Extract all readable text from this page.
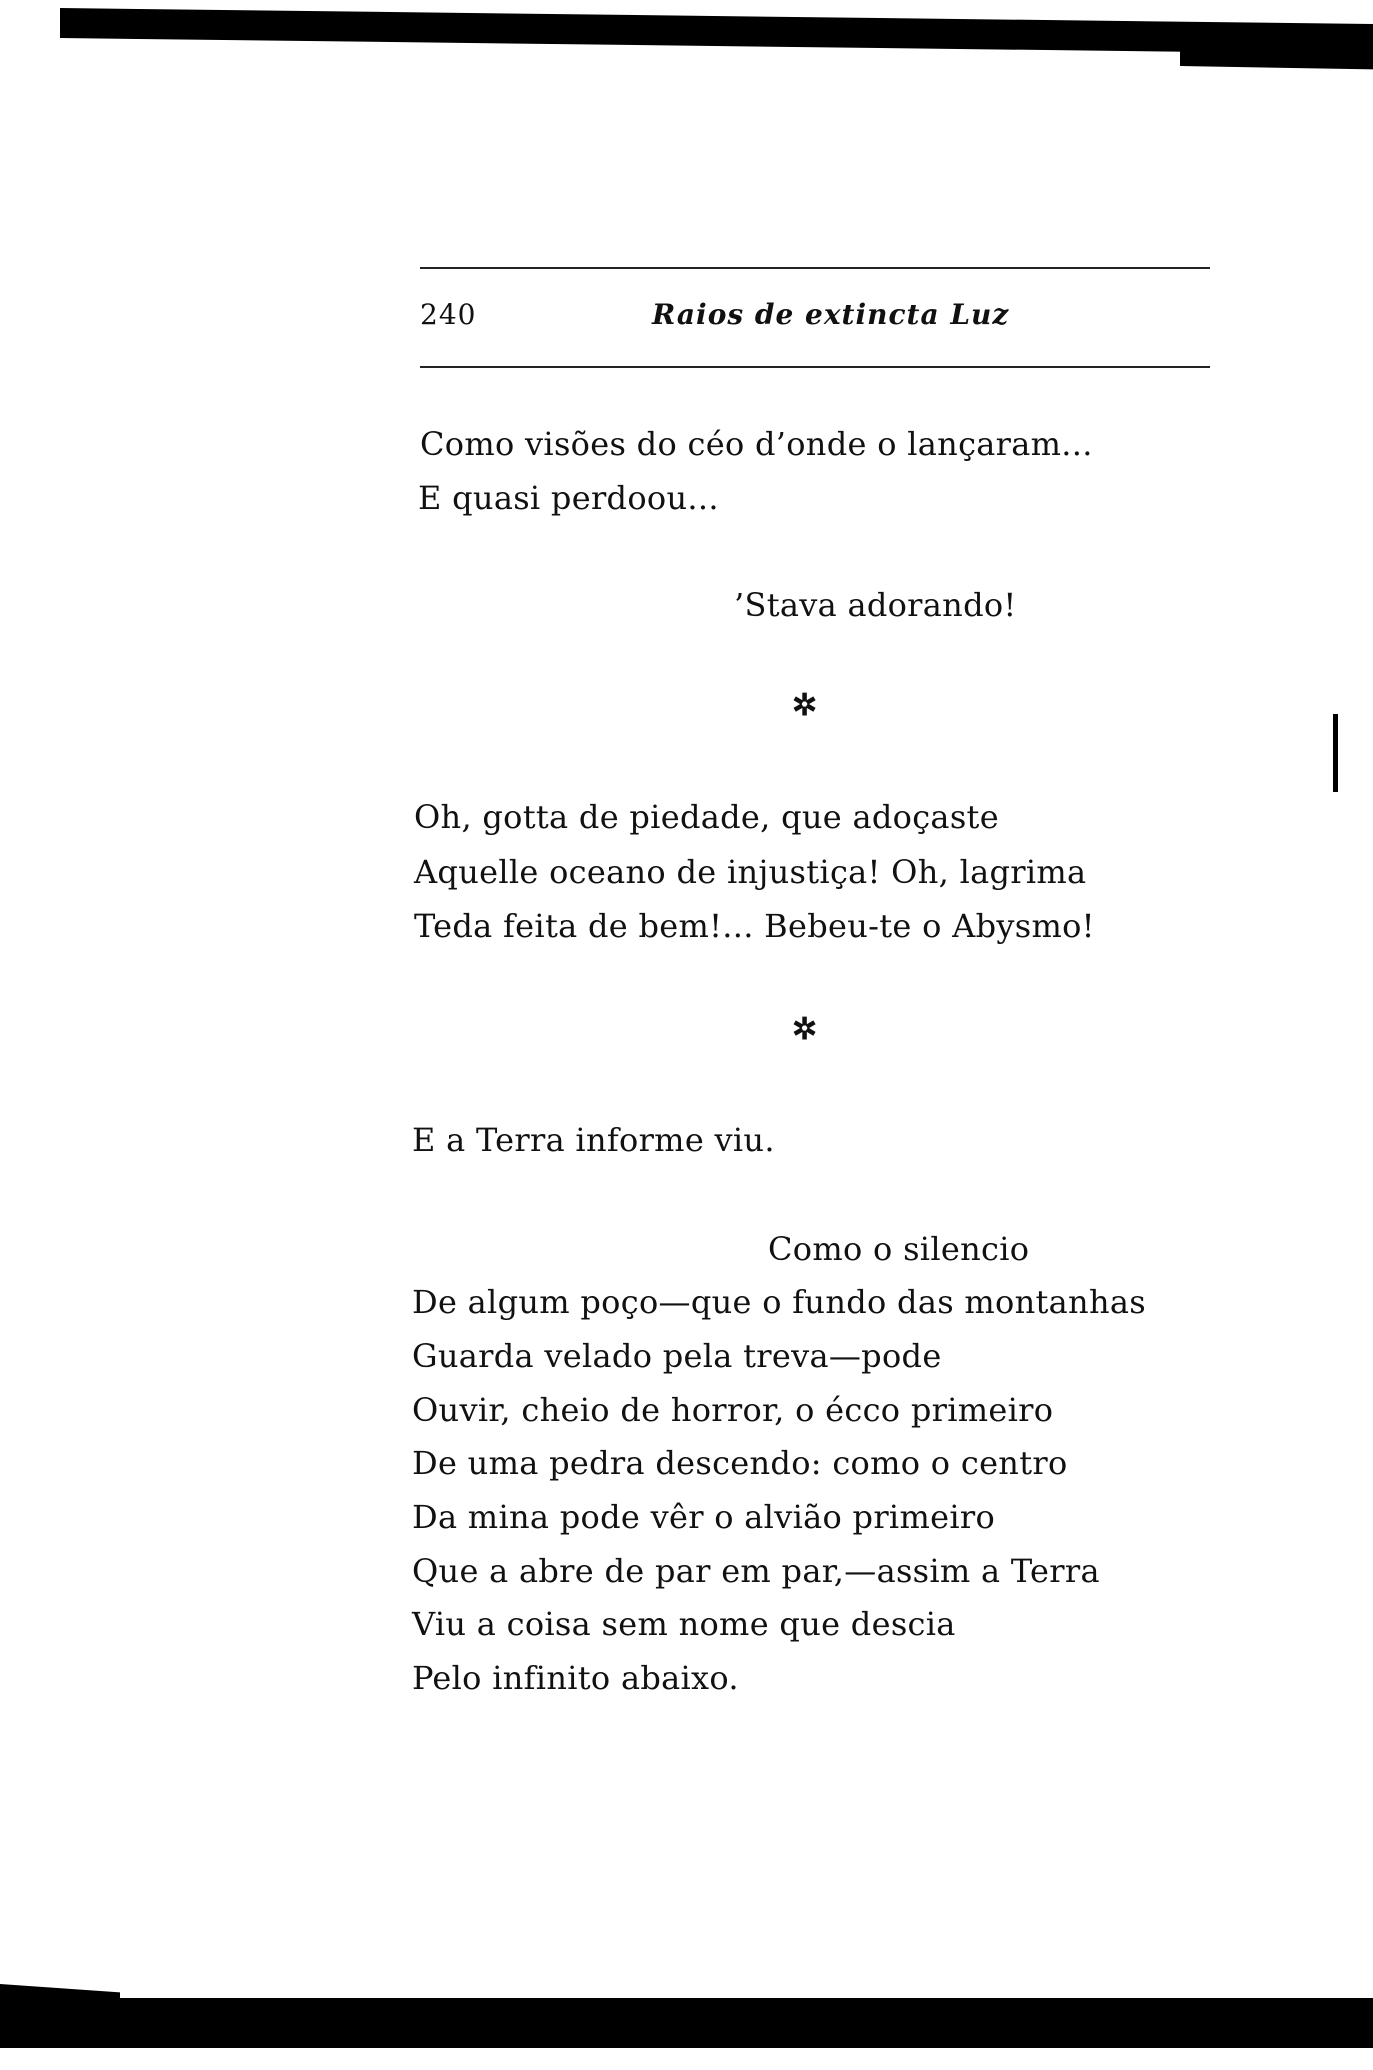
240	Raios de extincta Luz
Como visões do céo d’onde o lançaram...
E quasi perdoou...
’Stava adorando!
✲
Oh, gotta de piedade, que adoçaste
Aquelle oceano de injustiça! Oh, lagrima
Teda feita de bem!... Bebeu-te o Abysmo!
✲
E a Terra informe viu.
Como o silencio
De algum poço—que o fundo das montanhas
Guarda velado pela treva—pode
Ouvir, cheio de horror, o écco primeiro
De uma pedra descendo: como o centro
Da mina pode vêr o alvião primeiro
Que a abre de par em par,—assim a Terra
Viu a coisa sem nome que descia
Pelo infinito abaixo.
